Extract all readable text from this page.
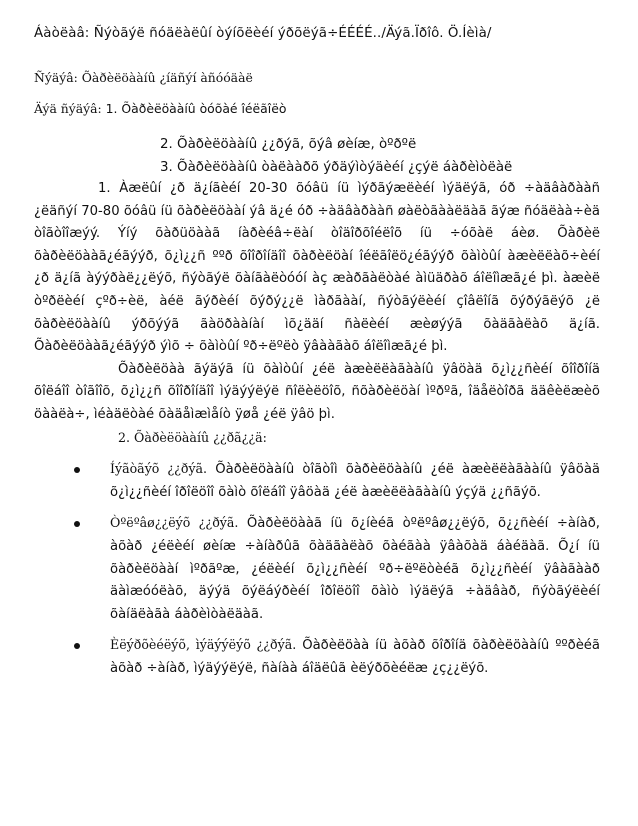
Áàòëàâ: Ñýòãýë ñóäëàëûí òýíõëèéí ýðõëýã÷ÉÉÉÉ../Äýã.Ïðîô. Ö.Íèìà/
Ñýäýâ: Õàðèëöààíû ¿íäñýí àñóóäàë
Äýä ñýäýâ: 1. Õàðèëöààíû òóõàé îéëãîëò
2. Õàðèëöààíû ¿¿ðýã, õýâ øèíæ, òºðºë
3. Õàðèëöààíû òàëààðõ ýðäýìòýäèéí ¿çýë áàðèìòëàë

1. Àæëûí ¿ð ä¿íãèéí 20-30 õóâü íü ìýðãýæëèéí ìýäëýã, óð ÷àäâàðààñ ¿ëäñýí 70-80 õóâü íü õàðèëöààí ýâ ä¿é óð ÷àäâàðààñ øàëòãààëäàã ãýæ ñóäëàà÷èä òîãòîîæýý. Ýíý õàðüöààã íàðèéâ÷ëàí òîäîðõîéëîõ íü ÷óõàë áèø. Õàðèë õàðèëöààã¿éãýýð, õ¿ì¿¿ñ ººð õîîðîíäîî õàðèëöàí îéëãîëö¿éãýýð õàìòûí àæèëëàõ÷èéí ¿ð ä¿íã àýýðàë¿¿ëýõ, ñýòãýë õàíãàëòóóí àç æàðãàëòàé àìüäðàõ áîëîìæã¿é þì. àæèë òºðëèéí çºð÷èë, àéë ãýðèéí õýðý¿¿ë ìàðãààí, ñýòãýëèéí çîâëîíã õýðýãëýõ ¿ë õàðèëöààíû ýðõýýã ãàöðààíàí ìõ¿ääí ñàëèéí æèøýýã õàäãàëàõ ä¿íã. Õàðèëöààã¿éãýýð ýìõ ÷ õàìòûí ºð÷ëºëò ÿâààãàõ áîëîìæã¿é þì.

Õàðèëöàà ãýäýã íü õàìòûí ¿éë àæèëëàãààíû ÿâöàä õ¿ì¿¿ñèéí õîîðîíä õîëáîî òîãîîõ, õ¿ì¿¿ñ õîîðîíäîî ìýäýýëýë ñîëèëöîõ, ñõàðèëöàí ìºðºã, îäåëòîðã ääêèëæèõ öààëà÷, ìéàäëòàé õàäåìæìåíò ÿøå ¿éë ÿâö þì.

2. Õàðèëöààíû ¿¿ðã¿¿ä:

Íýãòãýõ ¿¿ðýã. Õàðèëöààíû òîãòîì õàðèëöààíû ¿éë àæèëëàãààíû ÿâöàä õ¿ì¿¿ñèéí îðîëöîî õàìò õîëáîî ÿâöàä ¿éë àæèëëàãààíû ýçýä ¿¿ñãýõ.
Òºëºâø¿¿ëýõ ¿¿ðýã. Õàðèëöààã íü õ¿íèéã òºëºâø¿¿ëýõ, õ¿¿ñèéí ÷àíàð, àõàð ¿éëèéí øèíæ ÷àíàðûã õàäãàëàõ õàéãàà ÿâàõàä áàéäàã. Õ¿í íü õàðèëöààí ìºðãºæ, ¿éëèéí õ¿ì¿¿ñèéí ºð÷ëºëòèéã õ¿ì¿¿ñèéí ÿâàãààð äàìæóóëàõ, äýýä õýëáýðèéí îðîëöîî õàìò ìýäëýã ÷àäâàð, ñýòãýëèéí õàíäëàãà áàðèìòàëäàã.
Èëýðõèéëýõ, ìýäýýëýõ ¿¿ðýã. Õàðèëöàà íü àõàð õîðîíä õàðèëöààíû ººðèéã àõàð ÷àíàð, ìýäýýëýë, ñàíàà áîäëûã èëýðõèéëæ ¿ç¿¿ëýõ.
